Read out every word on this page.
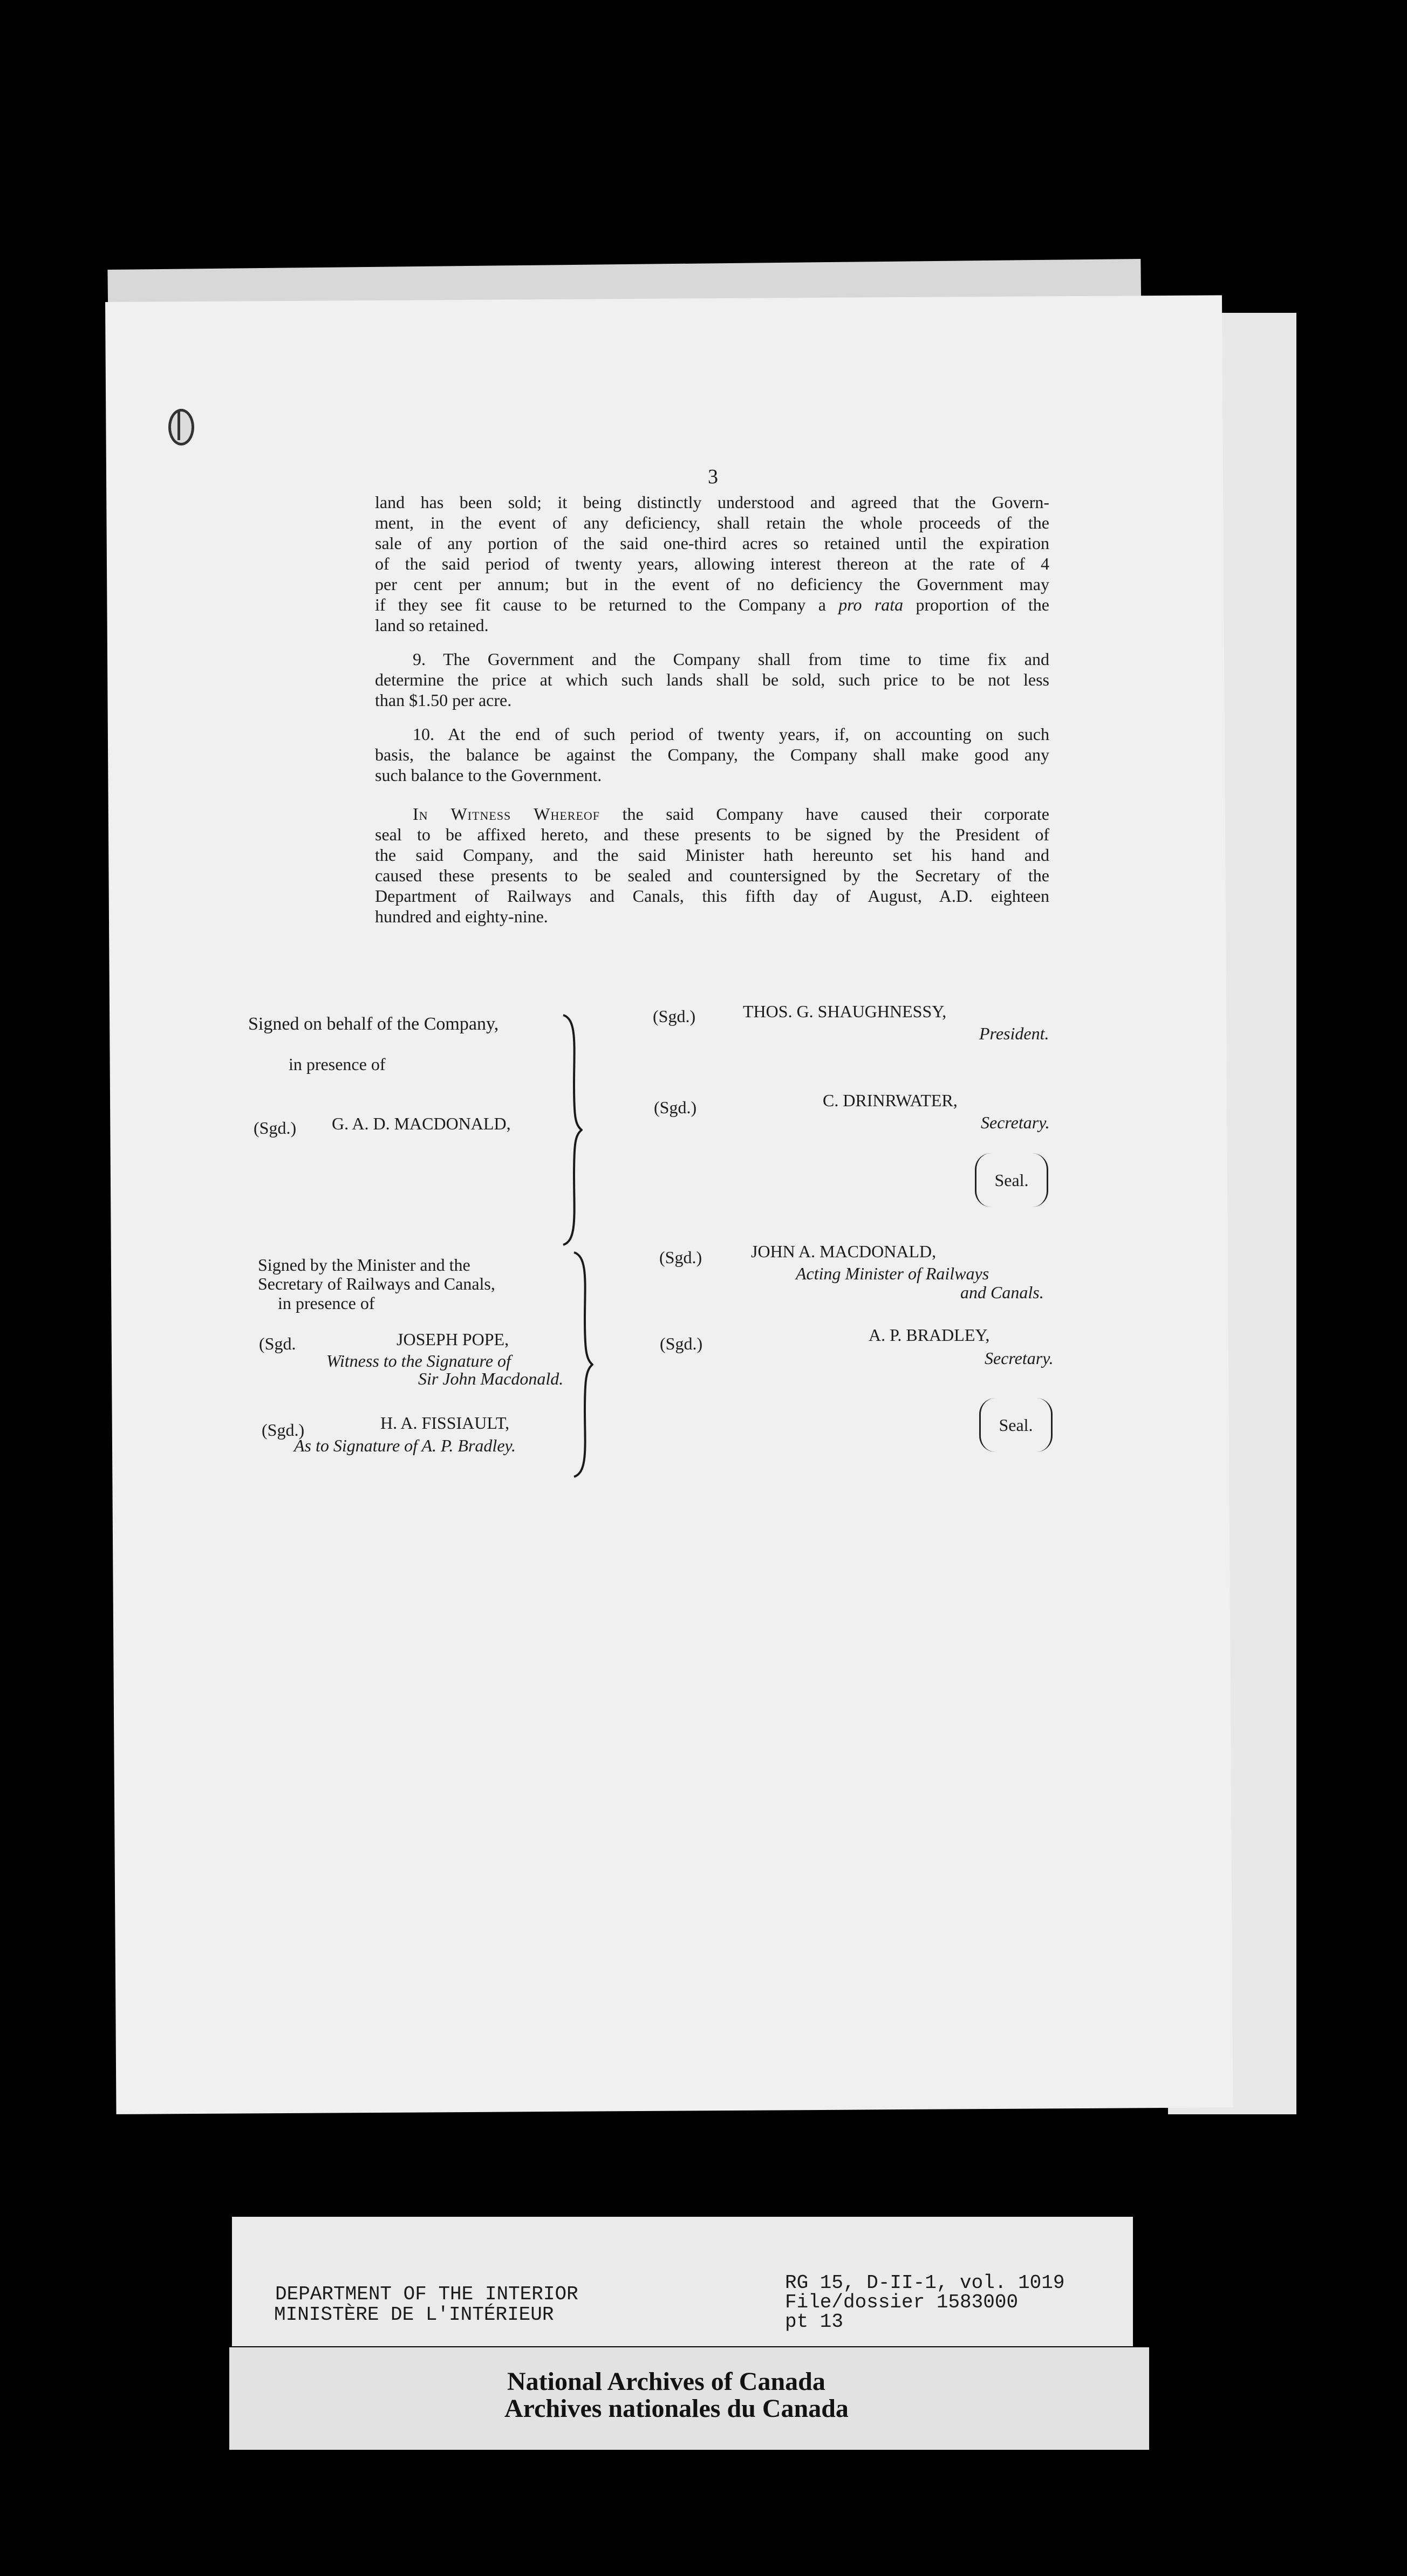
3
land has been sold; it being distinctly understood and agreed that the Govern-
ment, in the event of any deficiency, shall retain the whole proceeds of the
sale of any portion of the said one-third acres so retained until the expiration
of the said period of twenty years, allowing interest thereon at the rate of 4
per cent per annum; but in the event of no deficiency the Government may
if they see fit cause to be returned to the Company a pro rata proportion of the
land so retained.
9. The Government and the Company shall from time to time fix and
determine the price at which such lands shall be sold, such price to be not less
than $1.50 per acre.
10. At the end of such period of twenty years, if, on accounting on such
basis, the balance be against the Company, the Company shall make good any
such balance to the Government.
In Witness Whereof the said Company have caused their corporate
seal to be affixed hereto, and these presents to be signed by the President of
the said Company, and the said Minister hath hereunto set his hand and
caused these presents to be sealed and countersigned by the Secretary of the
Department of Railways and Canals, this fifth day of August, A.D. eighteen
hundred and eighty-nine.
Signed on behalf of the Company,
in presence of
(Sgd.) G. A. D. MACDONALD,
(Sgd.)	THOS. G. SHAUGHNESSY,
President.
(Sgd.)	C. DRINRWATER,
Secretary.
Seal.
Signed by the Minister and the
Secretary of Railways and Canals,
in presence of
(Sgd.	JOSEPH POPE,
Witness to the Signature of
Sir John Macdonald.
(Sgd.)	H. A. FISSIAULT,
As to Signature of A. P. Bradley.
(Sgd.)	JOHN A. MACDONALD,
Acting Minister of Railways
and Canals.
(Sgd.)	A. P. BRADLEY,
Secretary.
Seal.
DEPARTMENT OF THE INTERIOR
MINISTÈRE DE L'INTÉRIEUR
RG 15, D-II-1, vol. 1019
File/dossier 1583000
pt 13
National Archives of Canada
Archives nationales du Canada
